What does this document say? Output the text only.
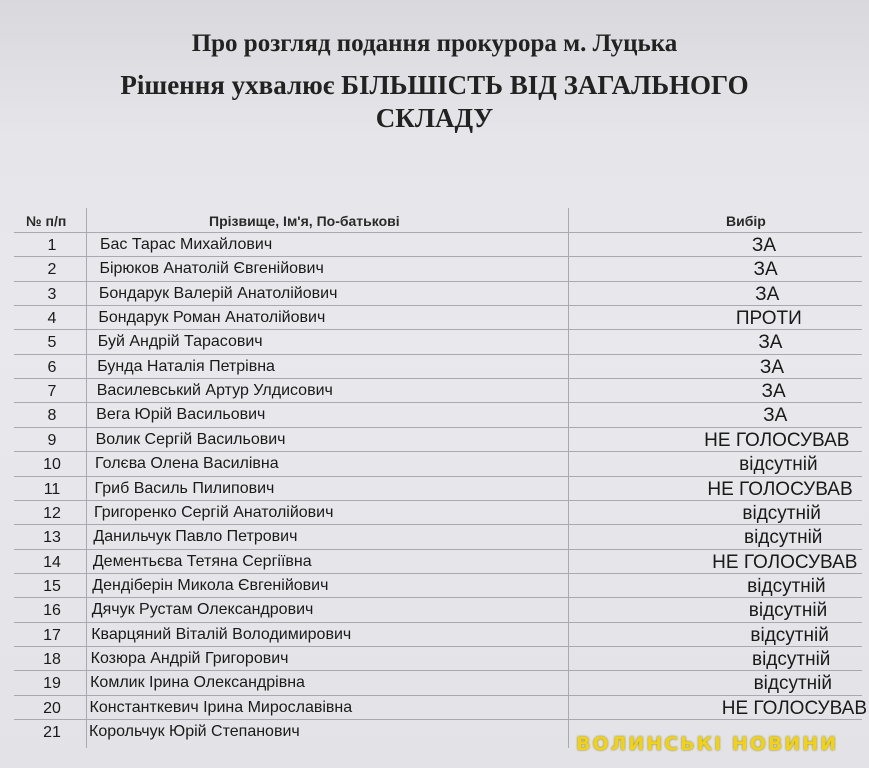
Про розгляд подання прокурора м. Луцька
Рішення ухвалює БІЛЬШІСТЬ ВІД ЗАГАЛЬНОГО
СКЛАДУ
№ п/п	Прізвище, Ім'я, По-батькові	Вибір
1	Бас Тарас Михайлович	ЗА
2	Бірюков Анатолій Євгенійович	ЗА
3	Бондарук Валерій Анатолійович	ЗА
4	Бондарук Роман Анатолійович	ПРОТИ
5	Буй Андрій Тарасович	ЗА
6	Бунда Наталія Петрівна	ЗА
7	Василевський Артур Улдисович	ЗА
8	Вега Юрій Васильович	ЗА
9	Волик Сергій Васильович	НЕ ГОЛОСУВАВ
10	Голєва Олена Василівна	відсутній
11	Гриб Василь Пилипович	НЕ ГОЛОСУВАВ
12	Григоренко Сергій Анатолійович	відсутній
13	Данильчук Павло Петрович	відсутній
14	Дементьєва Тетяна Сергіївна	НЕ ГОЛОСУВАВ
15	Дендіберін Микола Євгенійович	відсутній
16	Дячук Рустам Олександрович	відсутній
17	Кварцяний Віталій Володимирович	відсутній
18	Козюра Андрій Григорович	відсутній
19	Комлик Ірина Олександрівна	відсутній
20	Константкевич Ірина Мирославівна	НЕ ГОЛОСУВАВ
21	Корольчук Юрій Степанович
ВОЛИНСЬКІ НОВИНИ
